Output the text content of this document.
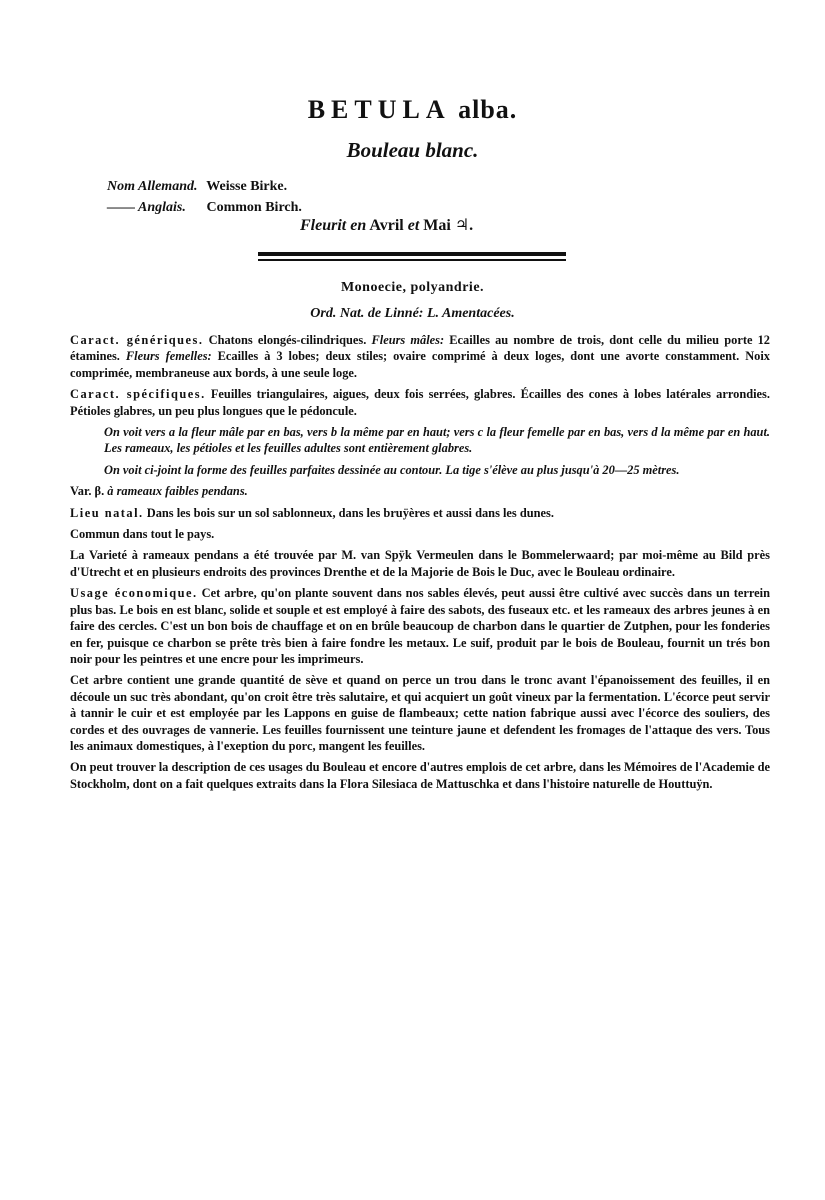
BETULA alba.
Bouleau blanc.
Nom Allemand. Weisse Birke.
—— Anglais. Common Birch.
Fleurit en Avril et Mai ♃.
Monoecie, polyandrie.
Ord. Nat. de Linné: L. Amentacées.

Caract. génériques. Chatons elongés-cilindriques. Fleurs mâles: Ecailles au nombre de trois, dont celle du milieu porte 12 étamines. Fleurs femelles: Ecailles à 3 lobes; deux stiles; ovaire comprimé à deux loges, dont une avorte constamment. Noix comprimée, membraneuse aux bords, à une seule loge.

Caract. spécifiques. Feuilles triangulaires, aigues, deux fois serrées, glabres. Écailles des cones à lobes latérales arrondies. Pétioles glabres, un peu plus longues que le pédoncule.

On voit vers a la fleur mâle par en bas, vers b la même par en haut; vers c la fleur femelle par en bas, vers d la même par en haut. Les rameaux, les pétioles et les feuilles adultes sont entièrement glabres.

On voit ci-joint la forme des feuilles parfaites dessinée au contour. La tige s'élève au plus jusqu'à 20—25 mètres.

Var. β. à rameaux faibles pendans.

Lieu natal. Dans les bois sur un sol sablonneux, dans les bruÿères et aussi dans les dunes.

Commun dans tout le pays.

La Varieté à rameaux pendans a été trouvée par M. van Spÿk Vermeulen dans le Bommelerwaard; par moi-même au Bild près d'Utrecht et en plusieurs endroits des provinces Drenthe et de la Majorie de Bois le Duc, avec le Bouleau ordinaire.

Usage économique. Cet arbre, qu'on plante souvent dans nos sables élevés, peut aussi être cultivé avec succès dans un terrein plus bas. Le bois en est blanc, solide et souple et est employé à faire des sabots, des fuseaux etc. et les rameaux des arbres jeunes à en faire des cercles. C'est un bon bois de chauffage et on en brûle beaucoup de charbon dans le quartier de Zutphen, pour les fonderies en fer, puisque ce charbon se prête très bien à faire fondre les metaux. Le suif, produit par le bois de Bouleau, fournit un trés bon noir pour les peintres et une encre pour les imprimeurs.

Cet arbre contient une grande quantité de sève et quand on perce un trou dans le tronc avant l'épanoissement des feuilles, il en découle un suc très abondant, qu'on croit être très salutaire, et qui acquiert un goût vineux par la fermentation. L'écorce peut servir à tannir le cuir et est employée par les Lappons en guise de flambeaux; cette nation fabrique aussi avec l'écorce des souliers, des cordes et des ouvrages de vannerie. Les feuilles fournissent une teinture jaune et defendent les fromages de l'attaque des vers. Tous les animaux domestiques, à l'exeption du porc, mangent les feuilles.

On peut trouver la description de ces usages du Bouleau et encore d'autres emplois de cet arbre, dans les Mémoires de l'Academie de Stockholm, dont on a fait quelques extraits dans la Flora Silesiaca de Mattuschka et dans l'histoire naturelle de Houttuÿn.
